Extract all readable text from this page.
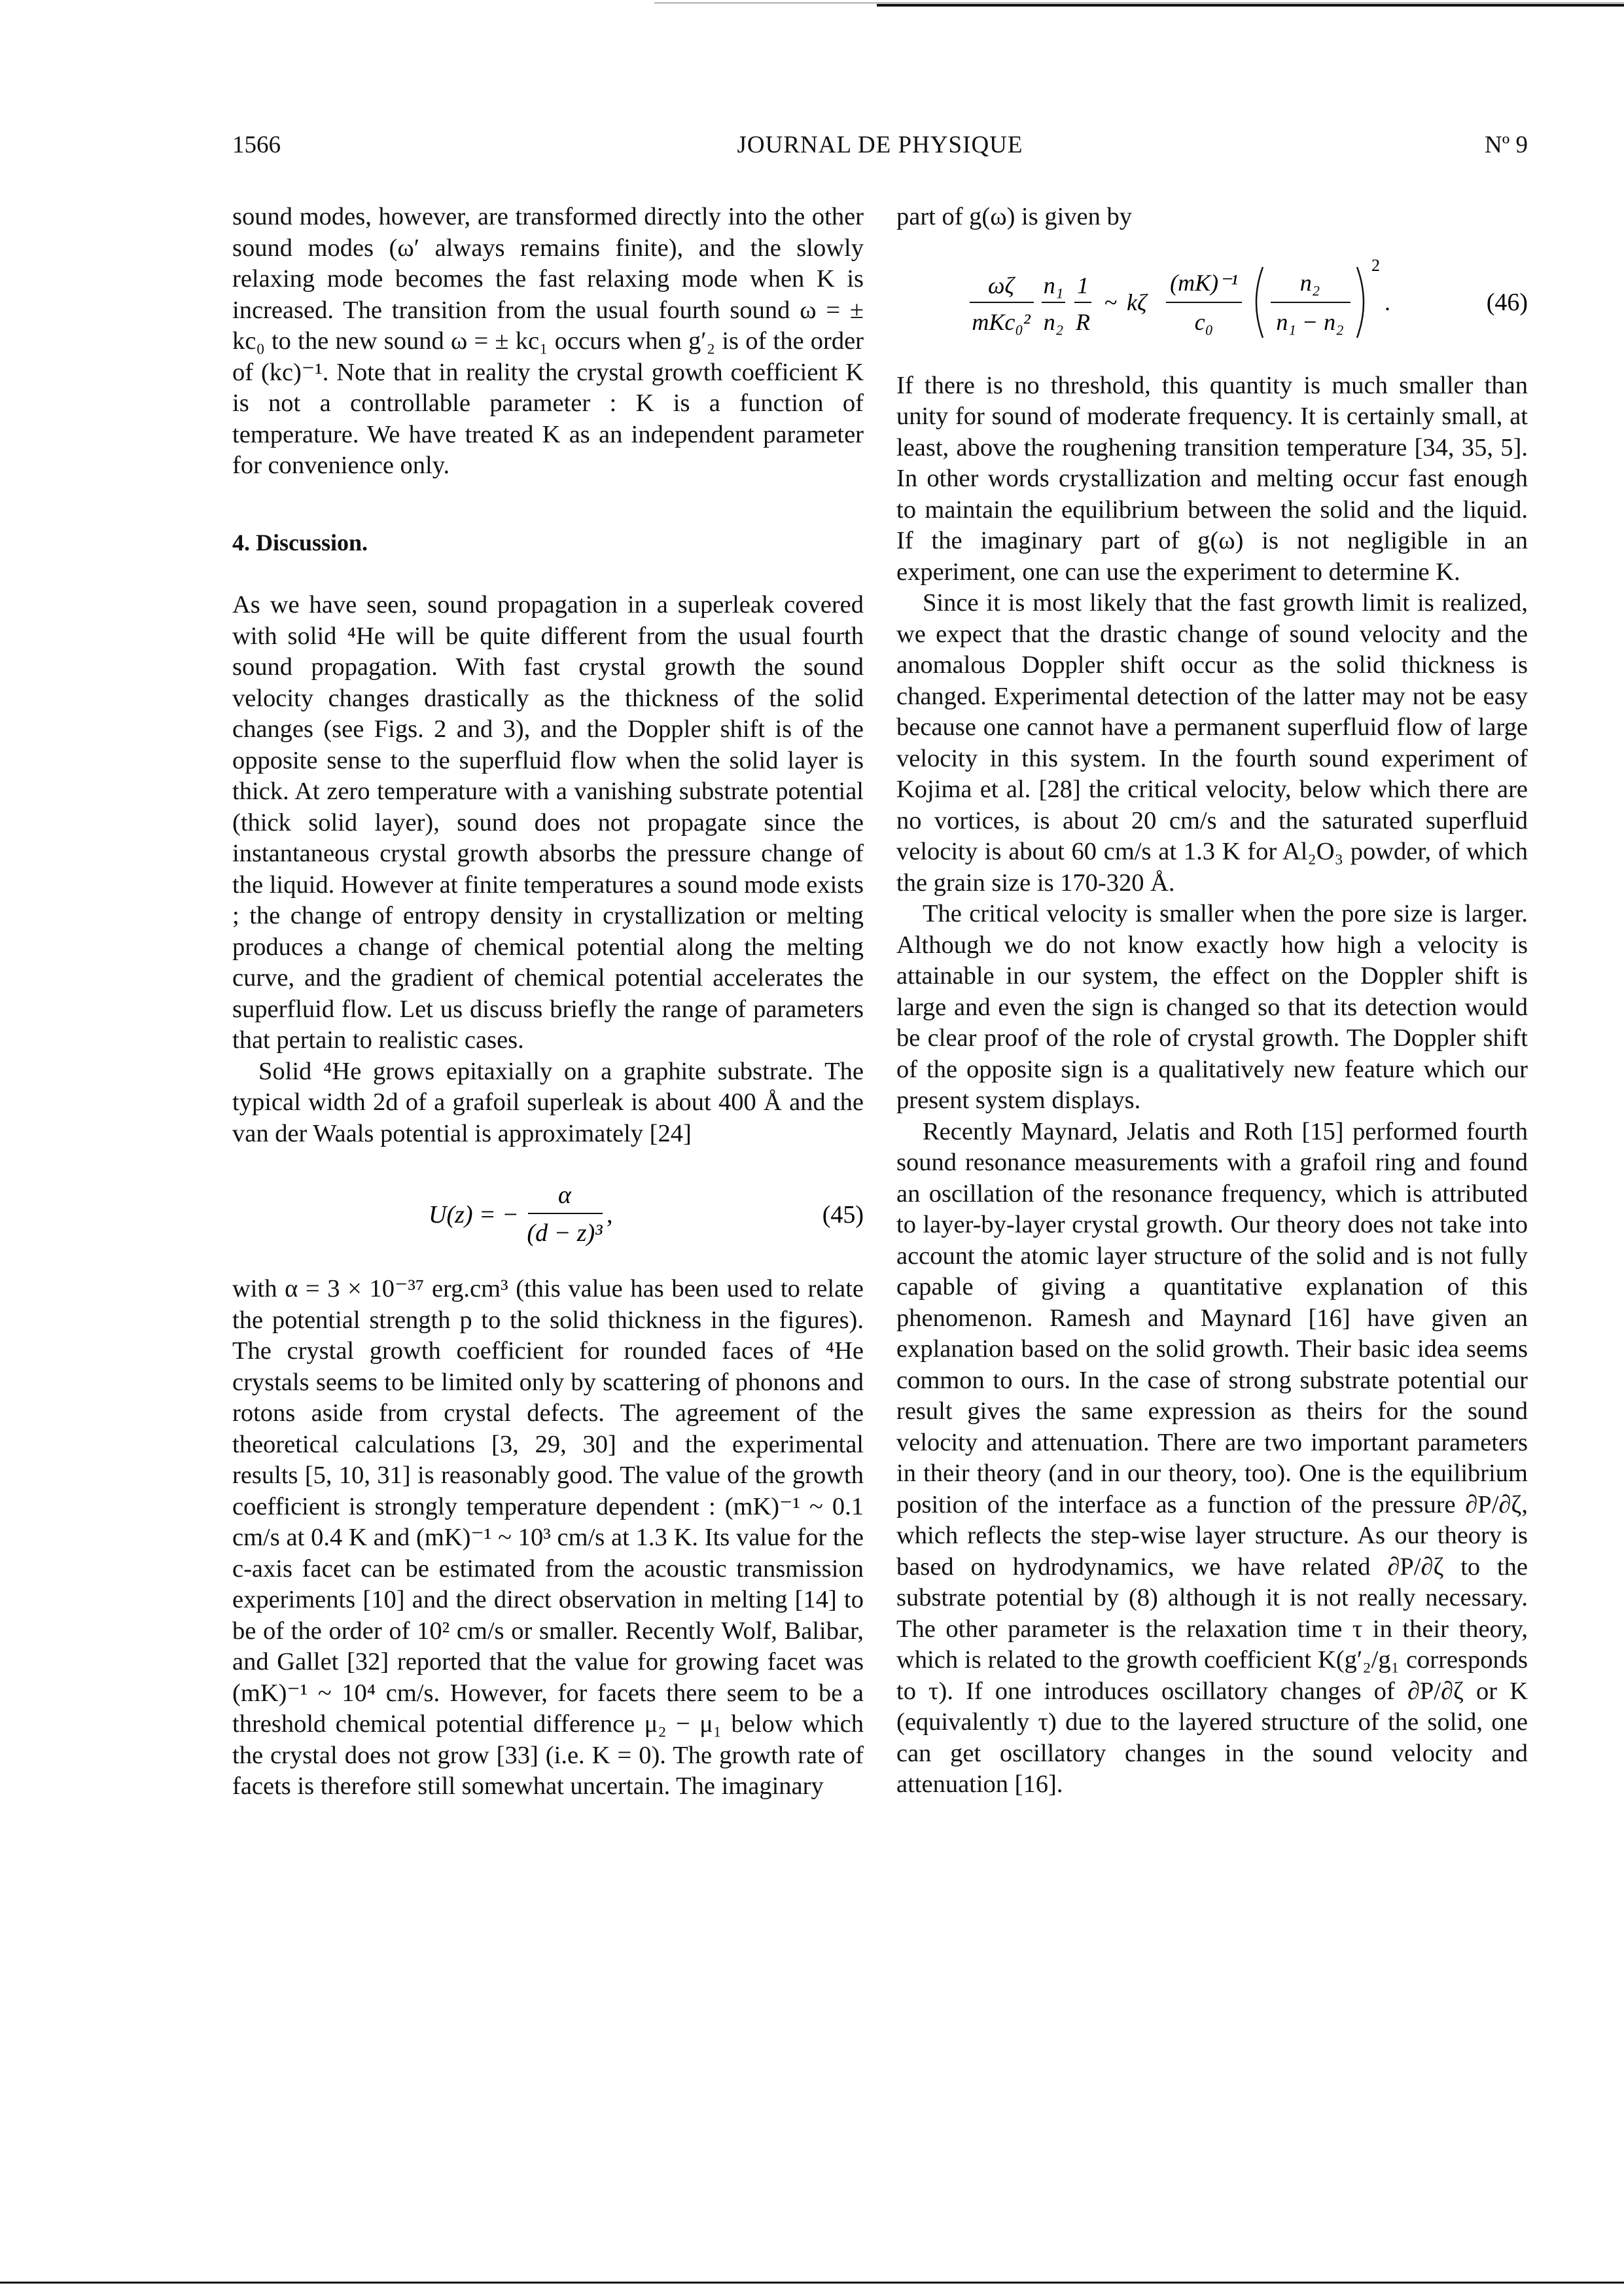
1566	JOURNAL DE PHYSIQUE	Nº 9

sound modes, however, are transformed directly into the other sound modes (ω′ always remains finite), and the slowly relaxing mode becomes the fast relaxing mode when K is increased. The transition from the usual fourth sound ω = ± kc₀ to the new sound ω = ± kc₁ occurs when g′₂ is of the order of (kc)⁻¹. Note that in reality the crystal growth coefficient K is not a controllable parameter : K is a function of temperature. We have treated K as an independent parameter for convenience only.

4. Discussion.

As we have seen, sound propagation in a superleak covered with solid ⁴He will be quite different from the usual fourth sound propagation. With fast crystal growth the sound velocity changes drastically as the thickness of the solid changes (see Figs. 2 and 3), and the Doppler shift is of the opposite sense to the superfluid flow when the solid layer is thick. At zero temperature with a vanishing substrate potential (thick solid layer), sound does not propagate since the instantaneous crystal growth absorbs the pressure change of the liquid. However at finite temperatures a sound mode exists ; the change of entropy density in crystallization or melting produces a change of chemical potential along the melting curve, and the gradient of chemical potential accelerates the superfluid flow. Let us discuss briefly the range of parameters that pertain to realistic cases.

Solid ⁴He grows epitaxially on a graphite substrate. The typical width 2d of a grafoil superleak is about 400 Å and the van der Waals potential is approximately [24]

U(z) = −
α
(d − z)³
,	(45)

with α = 3 × 10⁻³⁷ erg.cm³ (this value has been used to relate the potential strength p to the solid thickness in the figures). The crystal growth coefficient for rounded faces of ⁴He crystals seems to be limited only by scattering of phonons and rotons aside from crystal defects. The agreement of the theoretical calculations [3, 29, 30] and the experimental results [5, 10, 31] is reasonably good. The value of the growth coefficient is strongly temperature dependent : (mK)⁻¹ ~ 0.1 cm/s at 0.4 K and (mK)⁻¹ ~ 10³ cm/s at 1.3 K. Its value for the c-axis facet can be estimated from the acoustic transmission experiments [10] and the direct observation in melting [14] to be of the order of 10² cm/s or smaller. Recently Wolf, Balibar, and Gallet [32] reported that the value for growing facet was (mK)⁻¹ ~ 10⁴ cm/s. However, for facets there seem to be a threshold chemical potential difference μ₂ − μ₁ below which the crystal does not grow [33] (i.e. K = 0). The growth rate of facets is therefore still somewhat uncertain. The imaginary

part of g(ω) is given by

ωζ
mKc₀²
n₁
n₂
1
R
~ kζ
(mK)⁻¹
c₀
n₂
n₁ − n₂
2
.	(46)

If there is no threshold, this quantity is much smaller than unity for sound of moderate frequency. It is certainly small, at least, above the roughening transition temperature [34, 35, 5]. In other words crystallization and melting occur fast enough to maintain the equilibrium between the solid and the liquid. If the imaginary part of g(ω) is not negligible in an experiment, one can use the experiment to determine K.

Since it is most likely that the fast growth limit is realized, we expect that the drastic change of sound velocity and the anomalous Doppler shift occur as the solid thickness is changed. Experimental detection of the latter may not be easy because one cannot have a permanent superfluid flow of large velocity in this system. In the fourth sound experiment of Kojima et al. [28] the critical velocity, below which there are no vortices, is about 20 cm/s and the saturated superfluid velocity is about 60 cm/s at 1.3 K for Al₂O₃ powder, of which the grain size is 170-320 Å.

The critical velocity is smaller when the pore size is larger. Although we do not know exactly how high a velocity is attainable in our system, the effect on the Doppler shift is large and even the sign is changed so that its detection would be clear proof of the role of crystal growth. The Doppler shift of the opposite sign is a qualitatively new feature which our present system displays.

Recently Maynard, Jelatis and Roth [15] performed fourth sound resonance measurements with a grafoil ring and found an oscillation of the resonance frequency, which is attributed to layer-by-layer crystal growth. Our theory does not take into account the atomic layer structure of the solid and is not fully capable of giving a quantitative explanation of this phenomenon. Ramesh and Maynard [16] have given an explanation based on the solid growth. Their basic idea seems common to ours. In the case of strong substrate potential our result gives the same expression as theirs for the sound velocity and attenuation. There are two important parameters in their theory (and in our theory, too). One is the equilibrium position of the interface as a function of the pressure ∂P/∂ζ, which reflects the step-wise layer structure. As our theory is based on hydrodynamics, we have related ∂P/∂ζ to the substrate potential by (8) although it is not really necessary. The other parameter is the relaxation time τ in their theory, which is related to the growth coefficient K(g′₂/g₁ corresponds to τ). If one introduces oscillatory changes of ∂P/∂ζ or K (equivalently τ) due to the layered structure of the solid, one can get oscillatory changes in the sound velocity and attenuation [16].
